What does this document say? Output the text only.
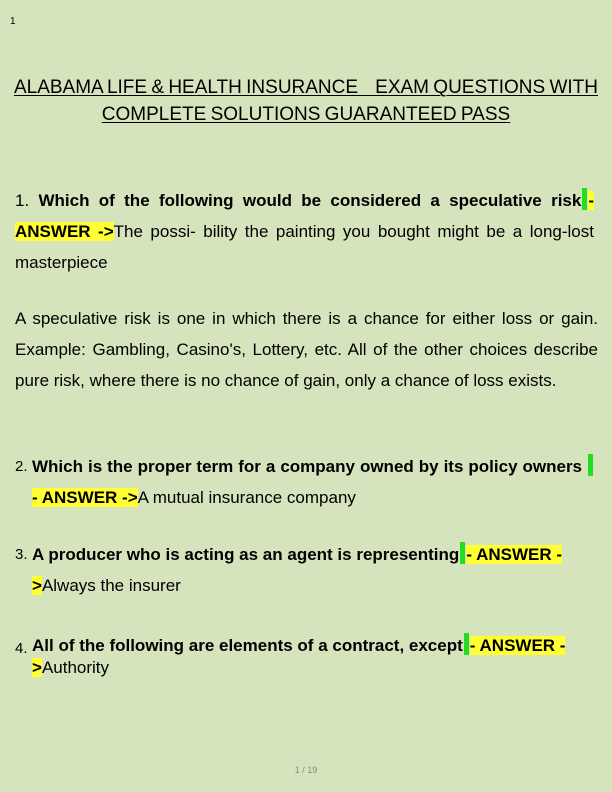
1
ALABAMA LIFE & HEALTH INSURANCE    EXAM QUESTIONS WITH
COMPLETE SOLUTIONS GUARANTEED PASS
1. Which of the following would be considered a speculative risk - ANSWER ->The possi- bility the painting you bought might be a long-lost masterpiece
A speculative risk is one in which there is a chance for either loss or gain. Example: Gambling, Casino's, Lottery, etc. All of the other choices describe pure risk, where there is no chance of gain, only a chance of loss exists.
2. Which is the proper term for a company owned by its policy owners - ANSWER ->A mutual insurance company
3. A producer who is acting as an agent is representing - ANSWER ->Always the insurer
4. All of the following are elements of a contract, except - ANSWER ->Authority
1 / 19
